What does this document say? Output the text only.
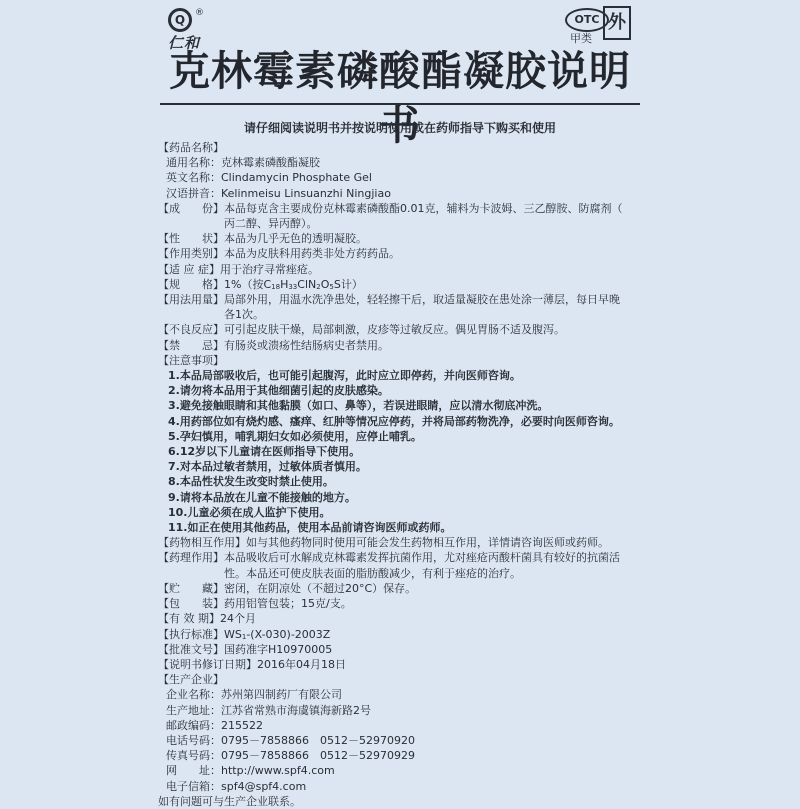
Q	®
仁和
OTC
甲类
外
克林霉素磷酸酯凝胶说明书
请仔细阅读说明书并按说明使用或在药师指导下购买和使用
【药品名称】
通用名称： 克林霉素磷酸酯凝胶
英文名称： Clindamycin Phosphate Gel
汉语拼音： Kelinmeisu Linsuanzhi Ningjiao
【成　　份】 本品每克含主要成份克林霉素磷酸酯0.01克，辅料为卡波姆、三乙醇胺、防腐剂（
丙二醇、异丙醇）。
【性　　状】 本品为几乎无色的透明凝胶。
【作用类别】 本品为皮肤科用药类非处方药药品。
【适 应 症】 用于治疗寻常痤疮。
【规　　格】 1%（按$C_{18}H_{33}ClN_2O_5S$计）
【用法用量】 局部外用，用温水洗净患处，轻轻擦干后，取适量凝胶在患处涂一薄层，每日早晚
各1次。
【不良反应】 可引起皮肤干燥，局部刺激，皮疹等过敏反应。偶见胃肠不适及腹泻。
【禁　　忌】 有肠炎或溃疡性结肠病史者禁用。
【注意事项】
1.本品局部吸收后，也可能引起腹泻，此时应立即停药，并向医师咨询。
2.请勿将本品用于其他细菌引起的皮肤感染。
3.避免接触眼睛和其他黏膜（如口、鼻等），若误进眼睛，应以清水彻底冲洗。
4.用药部位如有烧灼感、瘙痒、红肿等情况应停药，并将局部药物洗净，必要时向医师咨询。
5.孕妇慎用，哺乳期妇女如必须使用，应停止哺乳。
6.12岁以下儿童请在医师指导下使用。
7.对本品过敏者禁用，过敏体质者慎用。
8.本品性状发生改变时禁止使用。
9.请将本品放在儿童不能接触的地方。
10.儿童必须在成人监护下使用。
11.如正在使用其他药品，使用本品前请咨询医师或药师。
【药物相互作用】 如与其他药物同时使用可能会发生药物相互作用，详情请咨询医师或药师。
【药理作用】 本品吸收后可水解成克林霉素发挥抗菌作用，尤对痤疮丙酸杆菌具有较好的抗菌活
性。本品还可使皮肤表面的脂肪酸减少，有利于痤疮的治疗。
【贮　　藏】 密闭，在阴凉处（不超过20°C）保存。
【包　　装】 药用铝管包装；15克/支。
【有 效 期】 24个月
【执行标准】 $WS_1-(X-030)-2003Z$
【批准文号】 国药准字H10970005
【说明书修订日期】 2016年04月18日
【生产企业】
企业名称：苏州第四制药厂有限公司
生产地址：江苏省常熟市海虞镇海新路2号
邮政编码：215522
电话号码：0795－7858866　0512－52970920
传真号码：0795－7858866　0512－52970929
网　　址：http://www.spf4.com
电子信箱：spf4@spf4.com
如有问题可与生产企业联系。
